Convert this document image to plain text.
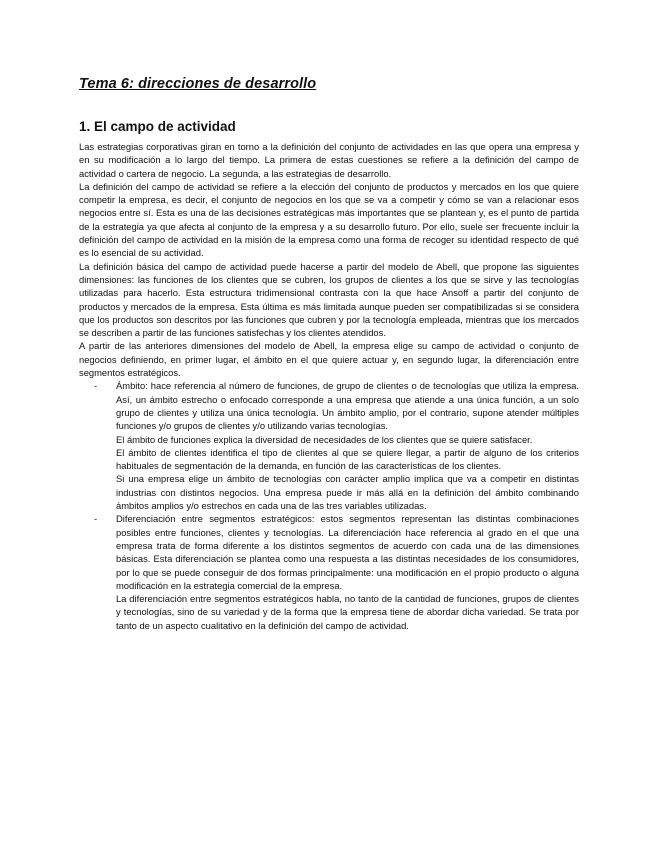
Tema 6: direcciones de desarrollo
1. El campo de actividad

Las estrategias corporativas giran en torno a la definición del conjunto de actividades en las que opera una empresa y en su modificación a lo largo del tiempo. La primera de estas cuestiones se refiere a la definición del campo de actividad o cartera de negocio. La segunda, a las estrategias de desarrollo.

La definición del campo de actividad se refiere a la elección del conjunto de productos y mercados en los que quiere competir la empresa, es decir, el conjunto de negocios en los que se va a competir y cómo se van a relacionar esos negocios entre sí. Esta es una de las decisiones estratégicas más importantes que se plantean y, es el punto de partida de la estrategia ya que afecta al conjunto de la empresa y a su desarrollo futuro. Por ello, suele ser frecuente incluir la definición del campo de actividad en la misión de la empresa como una forma de recoger su identidad respecto de qué es lo esencial de su actividad.

La definición básica del campo de actividad puede hacerse a partir del modelo de Abell, que propone las siguientes dimensiones: las funciones de los clientes que se cubren, los grupos de clientes a los que se sirve y las tecnologías utilizadas para hacerlo. Esta estructura tridimensional contrasta con la que hace Ansoff a partir del conjunto de productos y mercados de la empresa. Esta última es más limitada aunque pueden ser compatibilizadas si se considera que los productos son descritos por las funciones que cubren y por la tecnología empleada, mientras que los mercados se describen a partir de las funciones satisfechas y los clientes atendidos.

A partir de las anteriores dimensiones del modelo de Abell, la empresa elige su campo de actividad o conjunto de negocios definiendo, en primer lugar, el ámbito en el que quiere actuar y, en segundo lugar, la diferenciación entre segmentos estratégicos.

- Ámbito: hace referencia al número de funciones, de grupo de clientes o de tecnologías que utiliza la empresa. Así, un ámbito estrecho o enfocado corresponde a una empresa que atiende a una única función, a un solo grupo de clientes y utiliza una única tecnología. Un ámbito amplio, por el contrario, supone atender múltiples funciones y/o grupos de clientes y/o utilizando varias tecnologías.

El ámbito de funciones explica la diversidad de necesidades de los clientes que se quiere satisfacer.

El ámbito de clientes identifica el tipo de clientes al que se quiere llegar, a partir de alguno de los criterios habituales de segmentación de la demanda, en función de las características de los clientes.

Si una empresa elige un ámbito de tecnologías con carácter amplio implica que va a competir en distintas industrias con distintos negocios. Una empresa puede ir más allá en la definición del ámbito combinando ámbitos amplios y/o estrechos en cada una de las tres variables utilizadas.

- Diferenciación entre segmentos estratégicos: estos segmentos representan las distintas combinaciones posibles entre funciones, clientes y tecnologías. La diferenciación hace referencia al grado en el que una empresa trata de forma diferente a los distintos segmentos de acuerdo con cada una de las dimensiones básicas. Esta diferenciación se plantea como una respuesta a las distintas necesidades de los consumidores, por lo que se puede conseguir de dos formas principalmente: una modificación en el propio producto o alguna modificación en la estrategia comercial de la empresa.

La diferenciación entre segmentos estratégicos habla, no tanto de la cantidad de funciones, grupos de clientes y tecnologías, sino de su variedad y de la forma que la empresa tiene de abordar dicha variedad. Se trata por tanto de un aspecto cualitativo en la definición del campo de actividad.
